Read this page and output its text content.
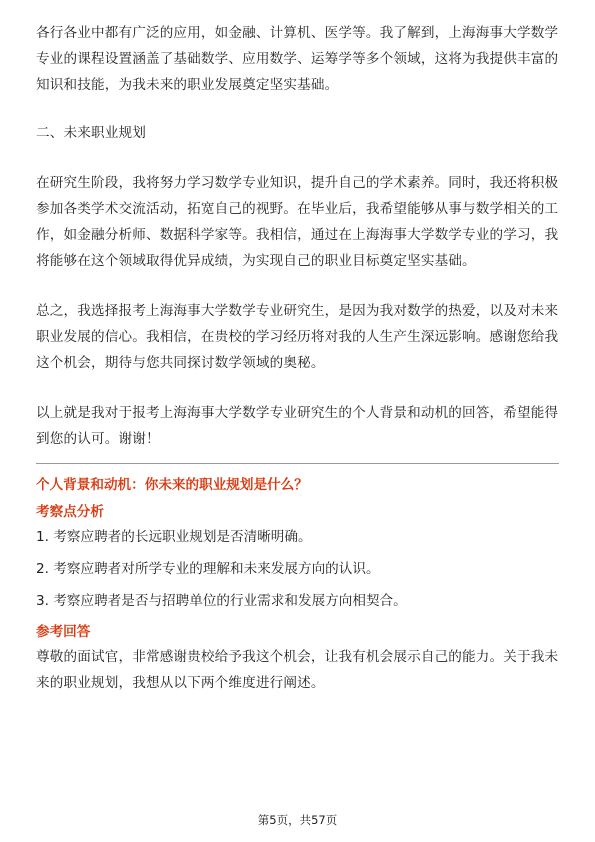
各行各业中都有广泛的应用，如金融、计算机、医学等。我了解到，上海海事大学数学专业的课程设置涵盖了基础数学、应用数学、运筹学等多个领域，这将为我提供丰富的知识和技能，为我未来的职业发展奠定坚实基础。

二、未来职业规划

在研究生阶段，我将努力学习数学专业知识，提升自己的学术素养。同时，我还将积极参加各类学术交流活动，拓宽自己的视野。在毕业后，我希望能够从事与数学相关的工作，如金融分析师、数据科学家等。我相信，通过在上海海事大学数学专业的学习，我将能够在这个领域取得优异成绩，为实现自己的职业目标奠定坚实基础。

总之，我选择报考上海海事大学数学专业研究生，是因为我对数学的热爱，以及对未来职业发展的信心。我相信，在贵校的学习经历将对我的人生产生深远影响。感谢您给我这个机会，期待与您共同探讨数学领域的奥秘。

以上就是我对于报考上海海事大学数学专业研究生的个人背景和动机的回答，希望能得到您的认可。谢谢！

个人背景和动机：你未来的职业规划是什么？
考察点分析
1. 考察应聘者的长远职业规划是否清晰明确。
2. 考察应聘者对所学专业的理解和未来发展方向的认识。
3. 考察应聘者是否与招聘单位的行业需求和发展方向相契合。
参考回答

尊敬的面试官，非常感谢贵校给予我这个机会，让我有机会展示自己的能力。关于我未来的职业规划，我想从以下两个维度进行阐述。

第5页，共57页
